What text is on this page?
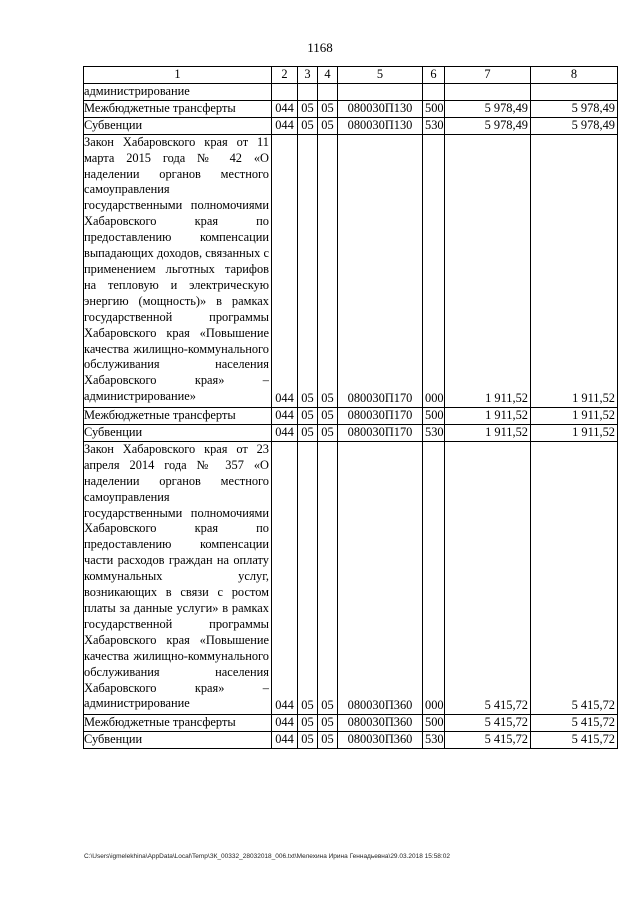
1168
1	2	3	4	5	6	7	8
администрирование							
Межбюджетные трансферты	044	05	05	080030П130	500	5 978,49	5 978,49
Субвенции	044	05	05	080030П130	530	5 978,49	5 978,49

Закон Хабаровского края от 11 марта 2015 года № 42 «О наделении органов местного самоуправления государственными полномочиями Хабаровского края по предоставлению компенсации выпадающих доходов, связанных с применением льготных тарифов на тепловую и электрическую энергию (мощность)» в рамках государственной программы Хабаровского края «Повышение качества жилищно-коммунального обслуживания населения Хабаровского края» – администрирование»	044	05	05	080030П170	000	1 911,52	1 911,52
Межбюджетные трансферты	044	05	05	080030П170	500	1 911,52	1 911,52
Субвенции	044	05	05	080030П170	530	1 911,52	1 911,52

Закон Хабаровского края от 23 апреля 2014 года № 357 «О наделении органов местного самоуправления государственными полномочиями Хабаровского края по предоставлению компенсации части расходов граждан на оплату коммунальных услуг, возникающих в связи с ростом платы за данные услуги» в рамках государственной программы Хабаровского края «Повышение качества жилищно-коммунального обслуживания населения Хабаровского края» – администрирование	044	05	05	080030П360	000	5 415,72	5 415,72
Межбюджетные трансферты	044	05	05	080030П360	500	5 415,72	5 415,72
Субвенции	044	05	05	080030П360	530	5 415,72	5 415,72
C:\Users\igmelekhina\AppData\Local\Temp\ЗК_00332_28032018_006.txt\Мелехина Ирина Геннадьевна\29.03.2018 15:58:02
